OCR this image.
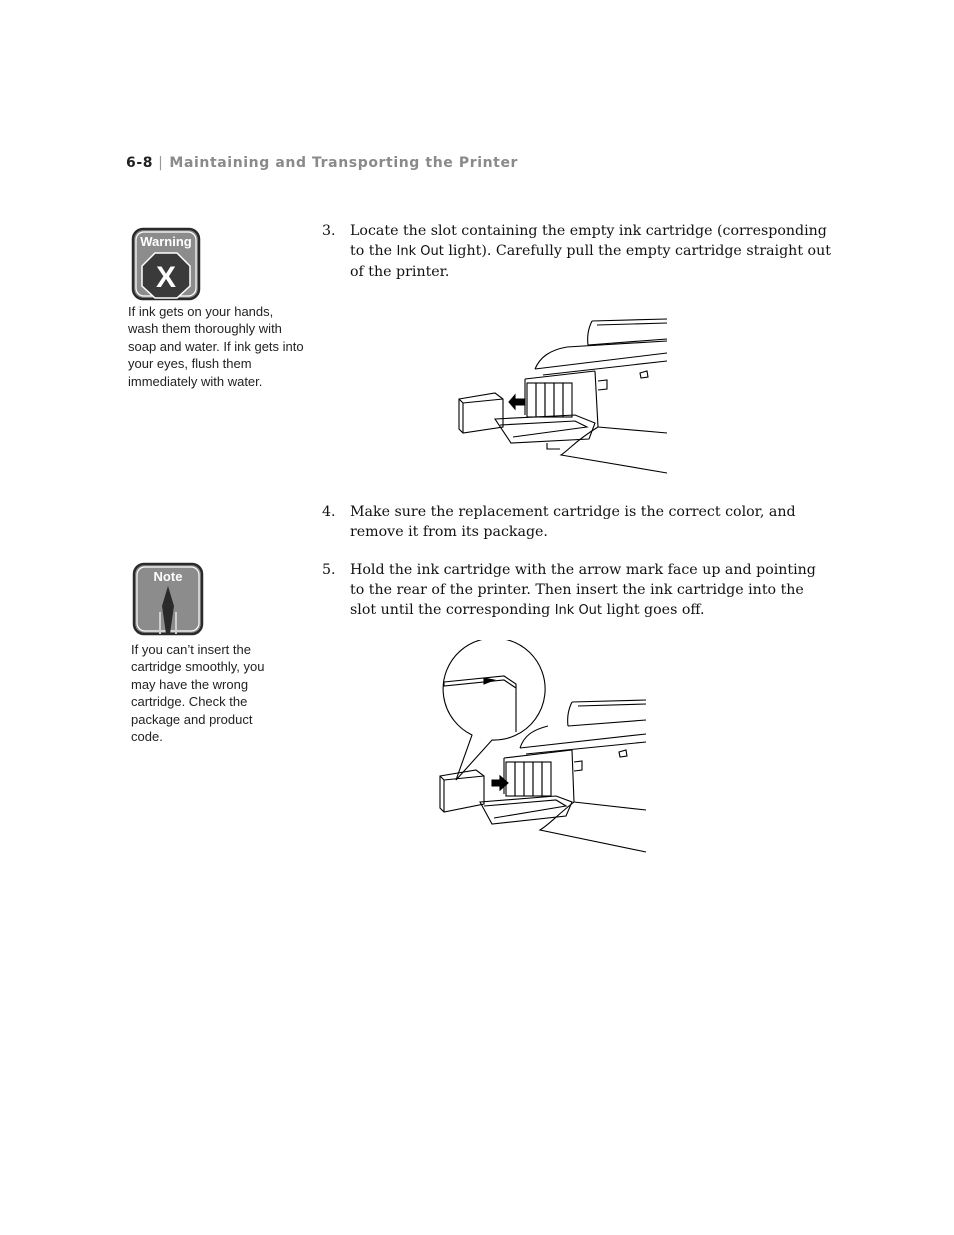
6-8 | Maintaining and Transporting the Printer
Warning
X
If ink gets on your hands, wash them thoroughly with soap and water. If ink gets into your eyes, flush them immediately with water.
Note
If you can’t insert the cartridge smoothly, you may have the wrong cartridge. Check the package and product code.
3. Locate the slot containing the empty ink cartridge (corresponding to the Ink Out light). Carefully pull the empty cartridge straight out of the printer.
4. Make sure the replacement cartridge is the correct color, and remove it from its package.
5. Hold the ink cartridge with the arrow mark face up and pointing to the rear of the printer. Then insert the ink cartridge into the slot until the corresponding Ink Out light goes off.
